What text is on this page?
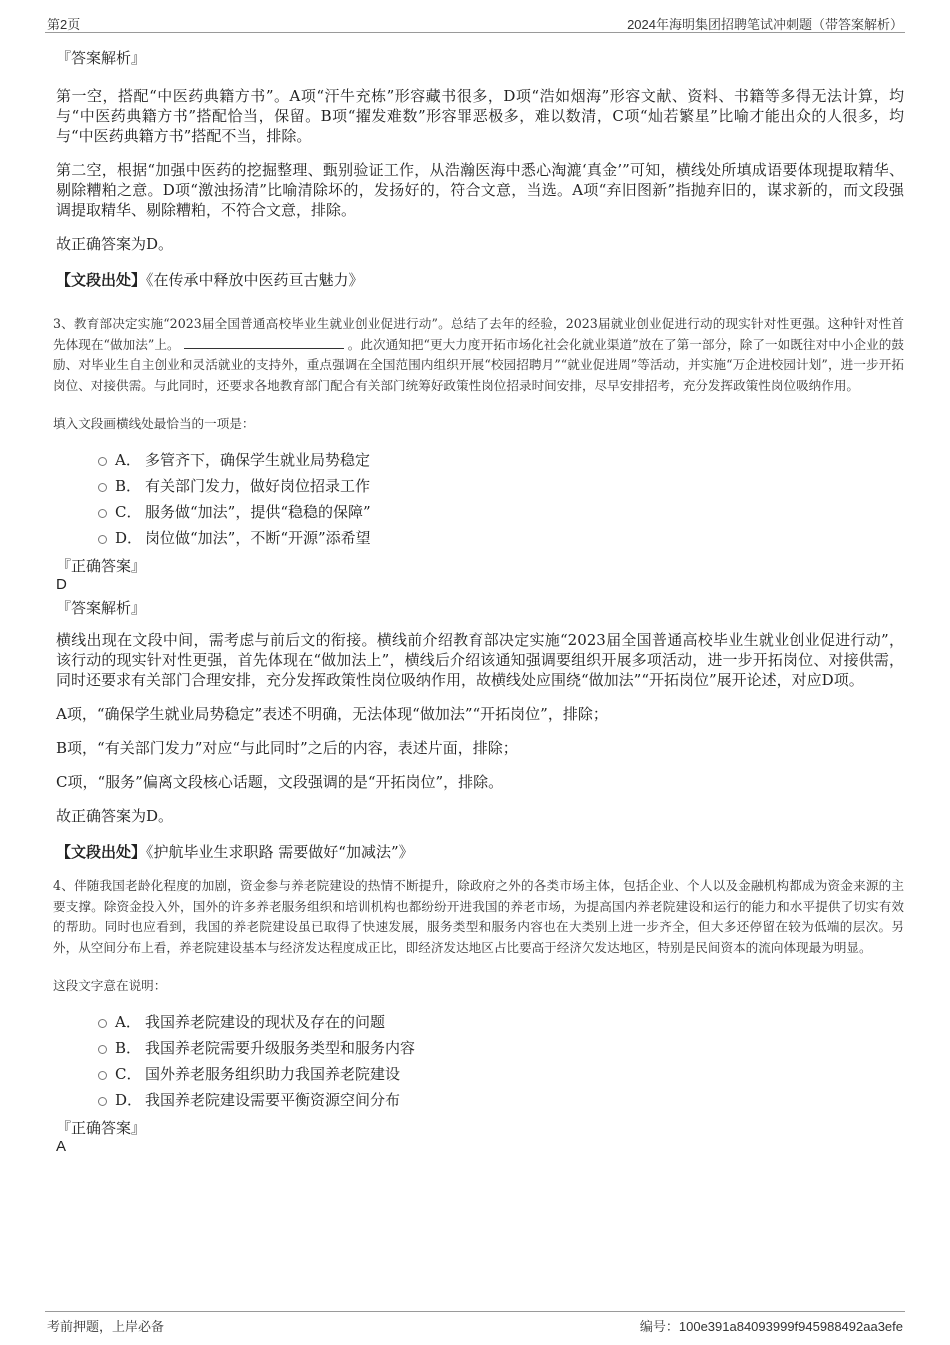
第2页	2024年海明集团招聘笔试冲刺题（带答案解析）
『答案解析』

第一空，搭配“中医药典籍方书”。A项“汗牛充栋”形容藏书很多，D项“浩如烟海”形容文献、资料、书籍等多得无法计算，均与“中医药典籍方书”搭配恰当，保留。B项“擢发难数”形容罪恶极多，难以数清，C项“灿若繁星”比喻才能出众的人很多，均与“中医药典籍方书”搭配不当，排除。

第二空，根据“加强中医药的挖掘整理、甄别验证工作，从浩瀚医海中悉心淘漉‘真金’”可知，横线处所填成语要体现提取精华、剔除糟粕之意。D项“激浊扬清”比喻清除坏的，发扬好的，符合文意，当选。A项“弃旧图新”指抛弃旧的，谋求新的，而文段强调提取精华、剔除糟粕，不符合文意，排除。

故正确答案为D。

【文段出处】《在传承中释放中医药亘古魅力》
3、教育部决定实施“2023届全国普通高校毕业生就业创业促进行动”。总结了去年的经验，2023届就业创业促进行动的现实针对性更强。这种针对性首先体现在“做加法”上。	。此次通知把“更大力度开拓市场化社会化就业渠道”放在了第一部分，除了一如既往对中小企业的鼓励、对毕业生自主创业和灵活就业的支持外，重点强调在全国范围内组织开展“校园招聘月”“就业促进周”等活动，并实施“万企进校园计划”，进一步开拓岗位、对接供需。与此同时，还要求各地教育部门配合有关部门统筹好政策性岗位招录时间安排，尽早安排招考，充分发挥政策性岗位吸纳作用。
填入文段画横线处最恰当的一项是：
A． 多管齐下，确保学生就业局势稳定
B． 有关部门发力，做好岗位招录工作
C． 服务做“加法”，提供“稳稳的保障”
D． 岗位做“加法”，不断“开源”添希望
『正确答案』
D
『答案解析』

横线出现在文段中间，需考虑与前后文的衔接。横线前介绍教育部决定实施“2023届全国普通高校毕业生就业创业促进行动”，该行动的现实针对性更强，首先体现在“做加法上”，横线后介绍该通知强调要组织开展多项活动，进一步开拓岗位、对接供需，同时还要求有关部门合理安排，充分发挥政策性岗位吸纳作用，故横线处应围绕“做加法”“开拓岗位”展开论述，对应D项。

A项，“确保学生就业局势稳定”表述不明确，无法体现“做加法”“开拓岗位”，排除；

B项，“有关部门发力”对应“与此同时”之后的内容，表述片面，排除；

C项，“服务”偏离文段核心话题，文段强调的是“开拓岗位”，排除。

故正确答案为D。

【文段出处】《护航毕业生求职路 需要做好“加减法”》
4、伴随我国老龄化程度的加剧，资金参与养老院建设的热情不断提升，除政府之外的各类市场主体，包括企业、个人以及金融机构都成为资金来源的主要支撑。除资金投入外，国外的许多养老服务组织和培训机构也都纷纷开进我国的养老市场，为提高国内养老院建设和运行的能力和水平提供了切实有效的帮助。同时也应看到，我国的养老院建设虽已取得了快速发展，服务类型和服务内容也在大类别上进一步齐全，但大多还停留在较为低端的层次。另外，从空间分布上看，养老院建设基本与经济发达程度成正比，即经济发达地区占比要高于经济欠发达地区，特别是民间资本的流向体现最为明显。
这段文字意在说明：
A． 我国养老院建设的现状及存在的问题
B． 我国养老院需要升级服务类型和服务内容
C． 国外养老服务组织助力我国养老院建设
D． 我国养老院建设需要平衡资源空间分布
『正确答案』
A
考前押题，上岸必备	编号：100e391a84093999f945988492aa3efe
